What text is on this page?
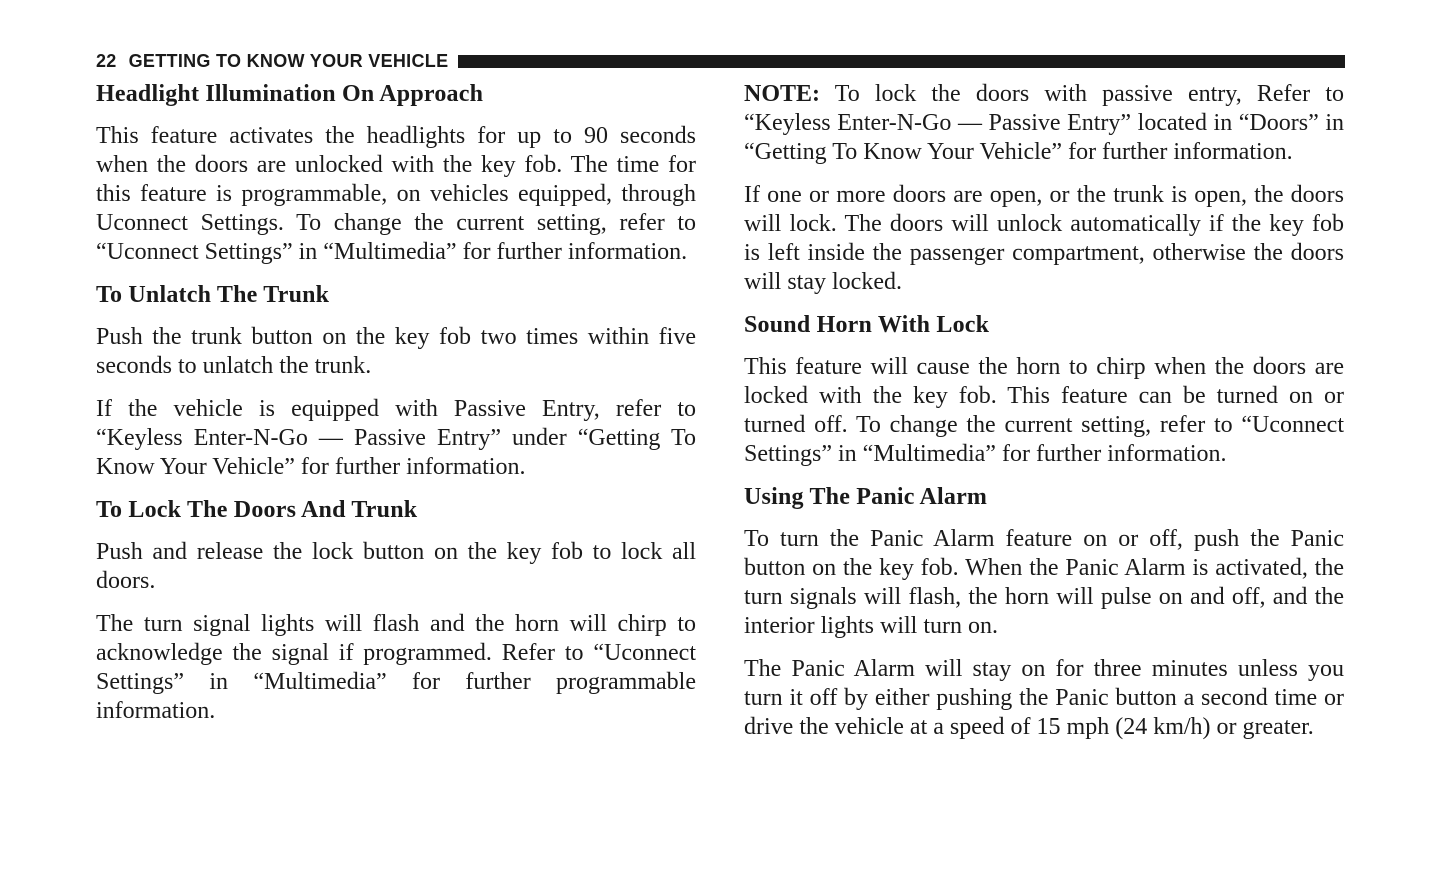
22 GETTING TO KNOW YOUR VEHICLE
Headlight Illumination On Approach

This feature activates the headlights for up to 90 seconds when the doors are unlocked with the key fob. The time for this feature is programmable, on vehicles equipped, through Uconnect Settings. To change the current setting, refer to “Uconnect Settings” in “Multimedia” for further information.

To Unlatch The Trunk

Push the trunk button on the key fob two times within five seconds to unlatch the trunk.

If the vehicle is equipped with Passive Entry, refer to “Keyless Enter-N-Go — Passive Entry” under “Getting To Know Your Vehicle” for further information.

To Lock The Doors And Trunk

Push and release the lock button on the key fob to lock all doors.

The turn signal lights will flash and the horn will chirp to acknowledge the signal if programmed. Refer to “Uconnect Settings” in “Multimedia” for further programmable information.

NOTE: To lock the doors with passive entry, Refer to “Keyless Enter-N-Go — Passive Entry” located in “Doors” in “Getting To Know Your Vehicle” for further information.

If one or more doors are open, or the trunk is open, the doors will lock. The doors will unlock automatically if the key fob is left inside the passenger compartment, otherwise the doors will stay locked.

Sound Horn With Lock

This feature will cause the horn to chirp when the doors are locked with the key fob. This feature can be turned on or turned off. To change the current setting, refer to “Uconnect Settings” in “Multimedia” for further information.

Using The Panic Alarm

To turn the Panic Alarm feature on or off, push the Panic button on the key fob. When the Panic Alarm is activated, the turn signals will flash, the horn will pulse on and off, and the interior lights will turn on.

The Panic Alarm will stay on for three minutes unless you turn it off by either pushing the Panic button a second time or drive the vehicle at a speed of 15 mph (24 km/h) or greater.
